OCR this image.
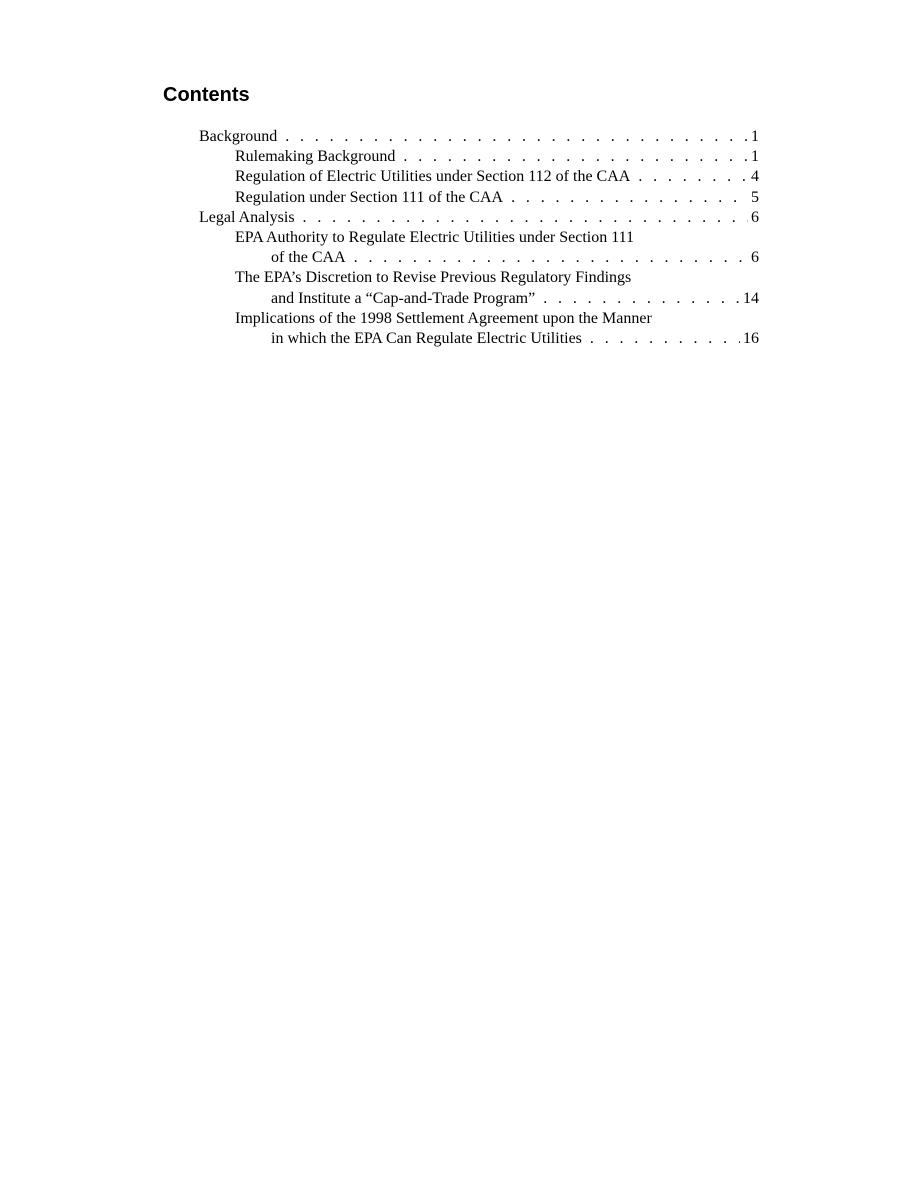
Contents
Background . . .	1
Rulemaking Background . . .	1
Regulation of Electric Utilities under Section 112 of the CAA . . .	4
Regulation under Section 111 of the CAA . . .	5
Legal Analysis . . .	6
EPA Authority to Regulate Electric Utilities under Section 111
of the CAA . . .	6
The EPA’s Discretion to Revise Previous Regulatory Findings
and Institute a “Cap-and-Trade Program” . . .	14
Implications of the 1998 Settlement Agreement upon the Manner
in which the EPA Can Regulate Electric Utilities . . .	16
